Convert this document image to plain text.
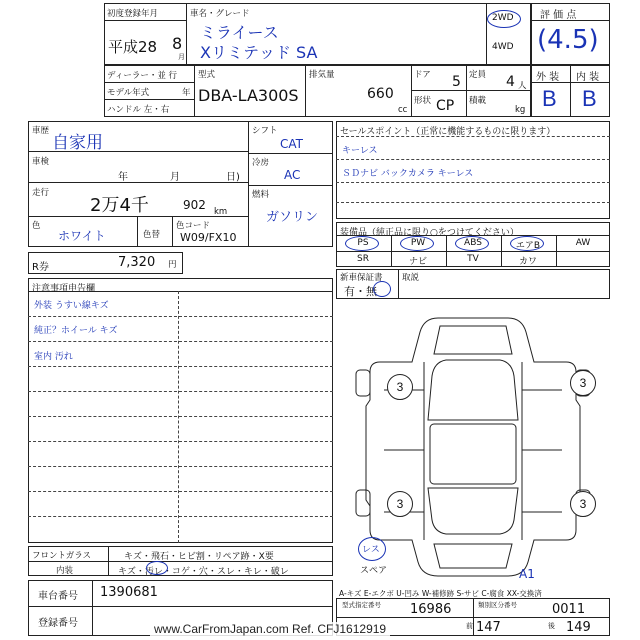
初度登録年月
平成28 8
月
車名・グレード
ミライース
Xリミテッド SA
2WD
4WD
評 価 点
(4.5)
ディーラー・並 行
モデル年式	年
ハンドル 左・右
型式
DBA-LA300S
排気量
660
cc
ドア 5
形状 CP
定員 4 人
積載
kg
外 装 内 装
B B
車歴
自家用
車検
年	月	日)
走行
2万4千	902 km
色
ホワイト	色替
色コード
W09/FX10
シフト
CAT
冷房
AC
燃料
ガソリン
R券	7,320 円
セールスポイント（正常に機能するものに限ります）
キーレス
ＳＤナビ バックカメラ キーレス
装備品（純正品に限り○をつけてください）
PS	PW	ABS	エアB	AW
SR	ナビ	TV	カワ
新車保証書
有・無
取説
注意事項申告欄
外装 うすい線キズ
純正？ホイール キズ
室内 汚れ
3	3
3	3
レス
スペア	A1
フロントガラス	キズ・飛石・ヒビ割・リペア跡・X要
内装	キズ・汚レ・コゲ・穴・スレ・キレ・破レ
車台番号 1390681
登録番号
A-キズ E-エクボ U-凹み W-補修跡 S-サビ C-腐食 XX-交換済
型式指定番号 16986	類別区分番号	0011
前 147	後 149
www.CarFromJapan.com Ref. CFJ1612919
